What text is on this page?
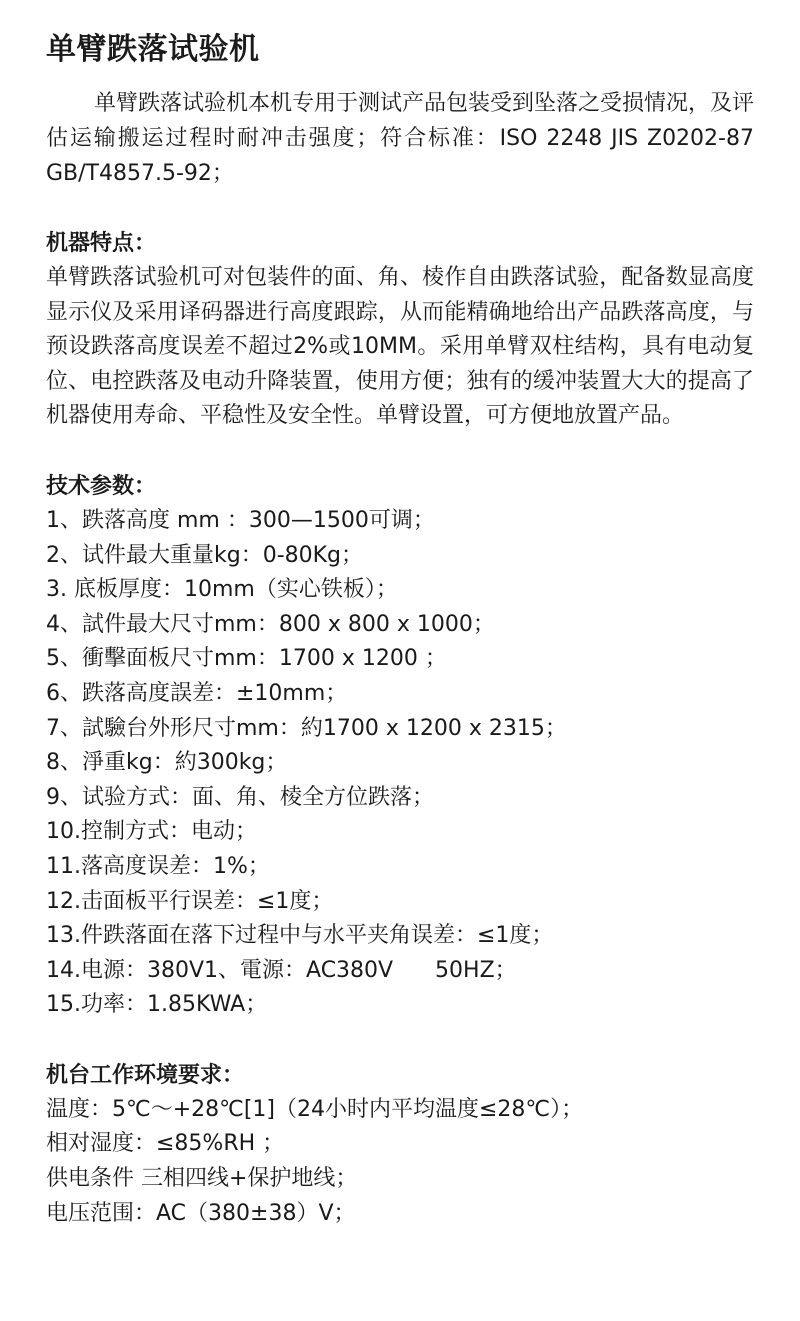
单臂跌落试验机

单臂跌落试验机本机专用于测试产品包装受到坠落之受损情况，及评估运输搬运过程时耐冲击强度；符合标准：ISO 2248 JIS Z0202-87 GB/T4857.5-92；

机器特点：

单臂跌落试验机可对包装件的面、角、棱作自由跌落试验，配备数显高度显示仪及采用译码器进行高度跟踪，从而能精确地给出产品跌落高度，与预设跌落高度误差不超过2%或10MM。采用单臂双柱结构，具有电动复位、电控跌落及电动升降装置，使用方便；独有的缓冲装置大大的提高了机器使用寿命、平稳性及安全性。单臂设置，可方便地放置产品。

技术参数：
1、跌落高度 mm ：300—1500可调；
2、试件最大重量kg：0-80Kg；
3. 底板厚度：10mm（实心铁板）；
4、試件最大尺寸mm：800 x 800 x 1000；
5、衝擊面板尺寸mm：1700 x 1200 ；
6、跌落高度誤差：±10mm；
7、試驗台外形尺寸mm：約1700 x 1200 x 2315；
8、淨重kg：約300kg；
9、试验方式：面、角、棱全方位跌落；
10.控制方式：电动；
11.落高度误差：1%；
12.击面板平行误差：≤1度；
13.件跌落面在落下过程中与水平夹角误差：≤1度；
14.电源：380V1、電源：AC380V      50HZ；
15.功率：1.85KWA；
机台工作环境要求：
温度：5℃～+28℃[1]（24小时内平均温度≤28℃）；
相对湿度：≤85%RH ；
供电条件 三相四线+保护地线；
电压范围：AC（380±38）V；
